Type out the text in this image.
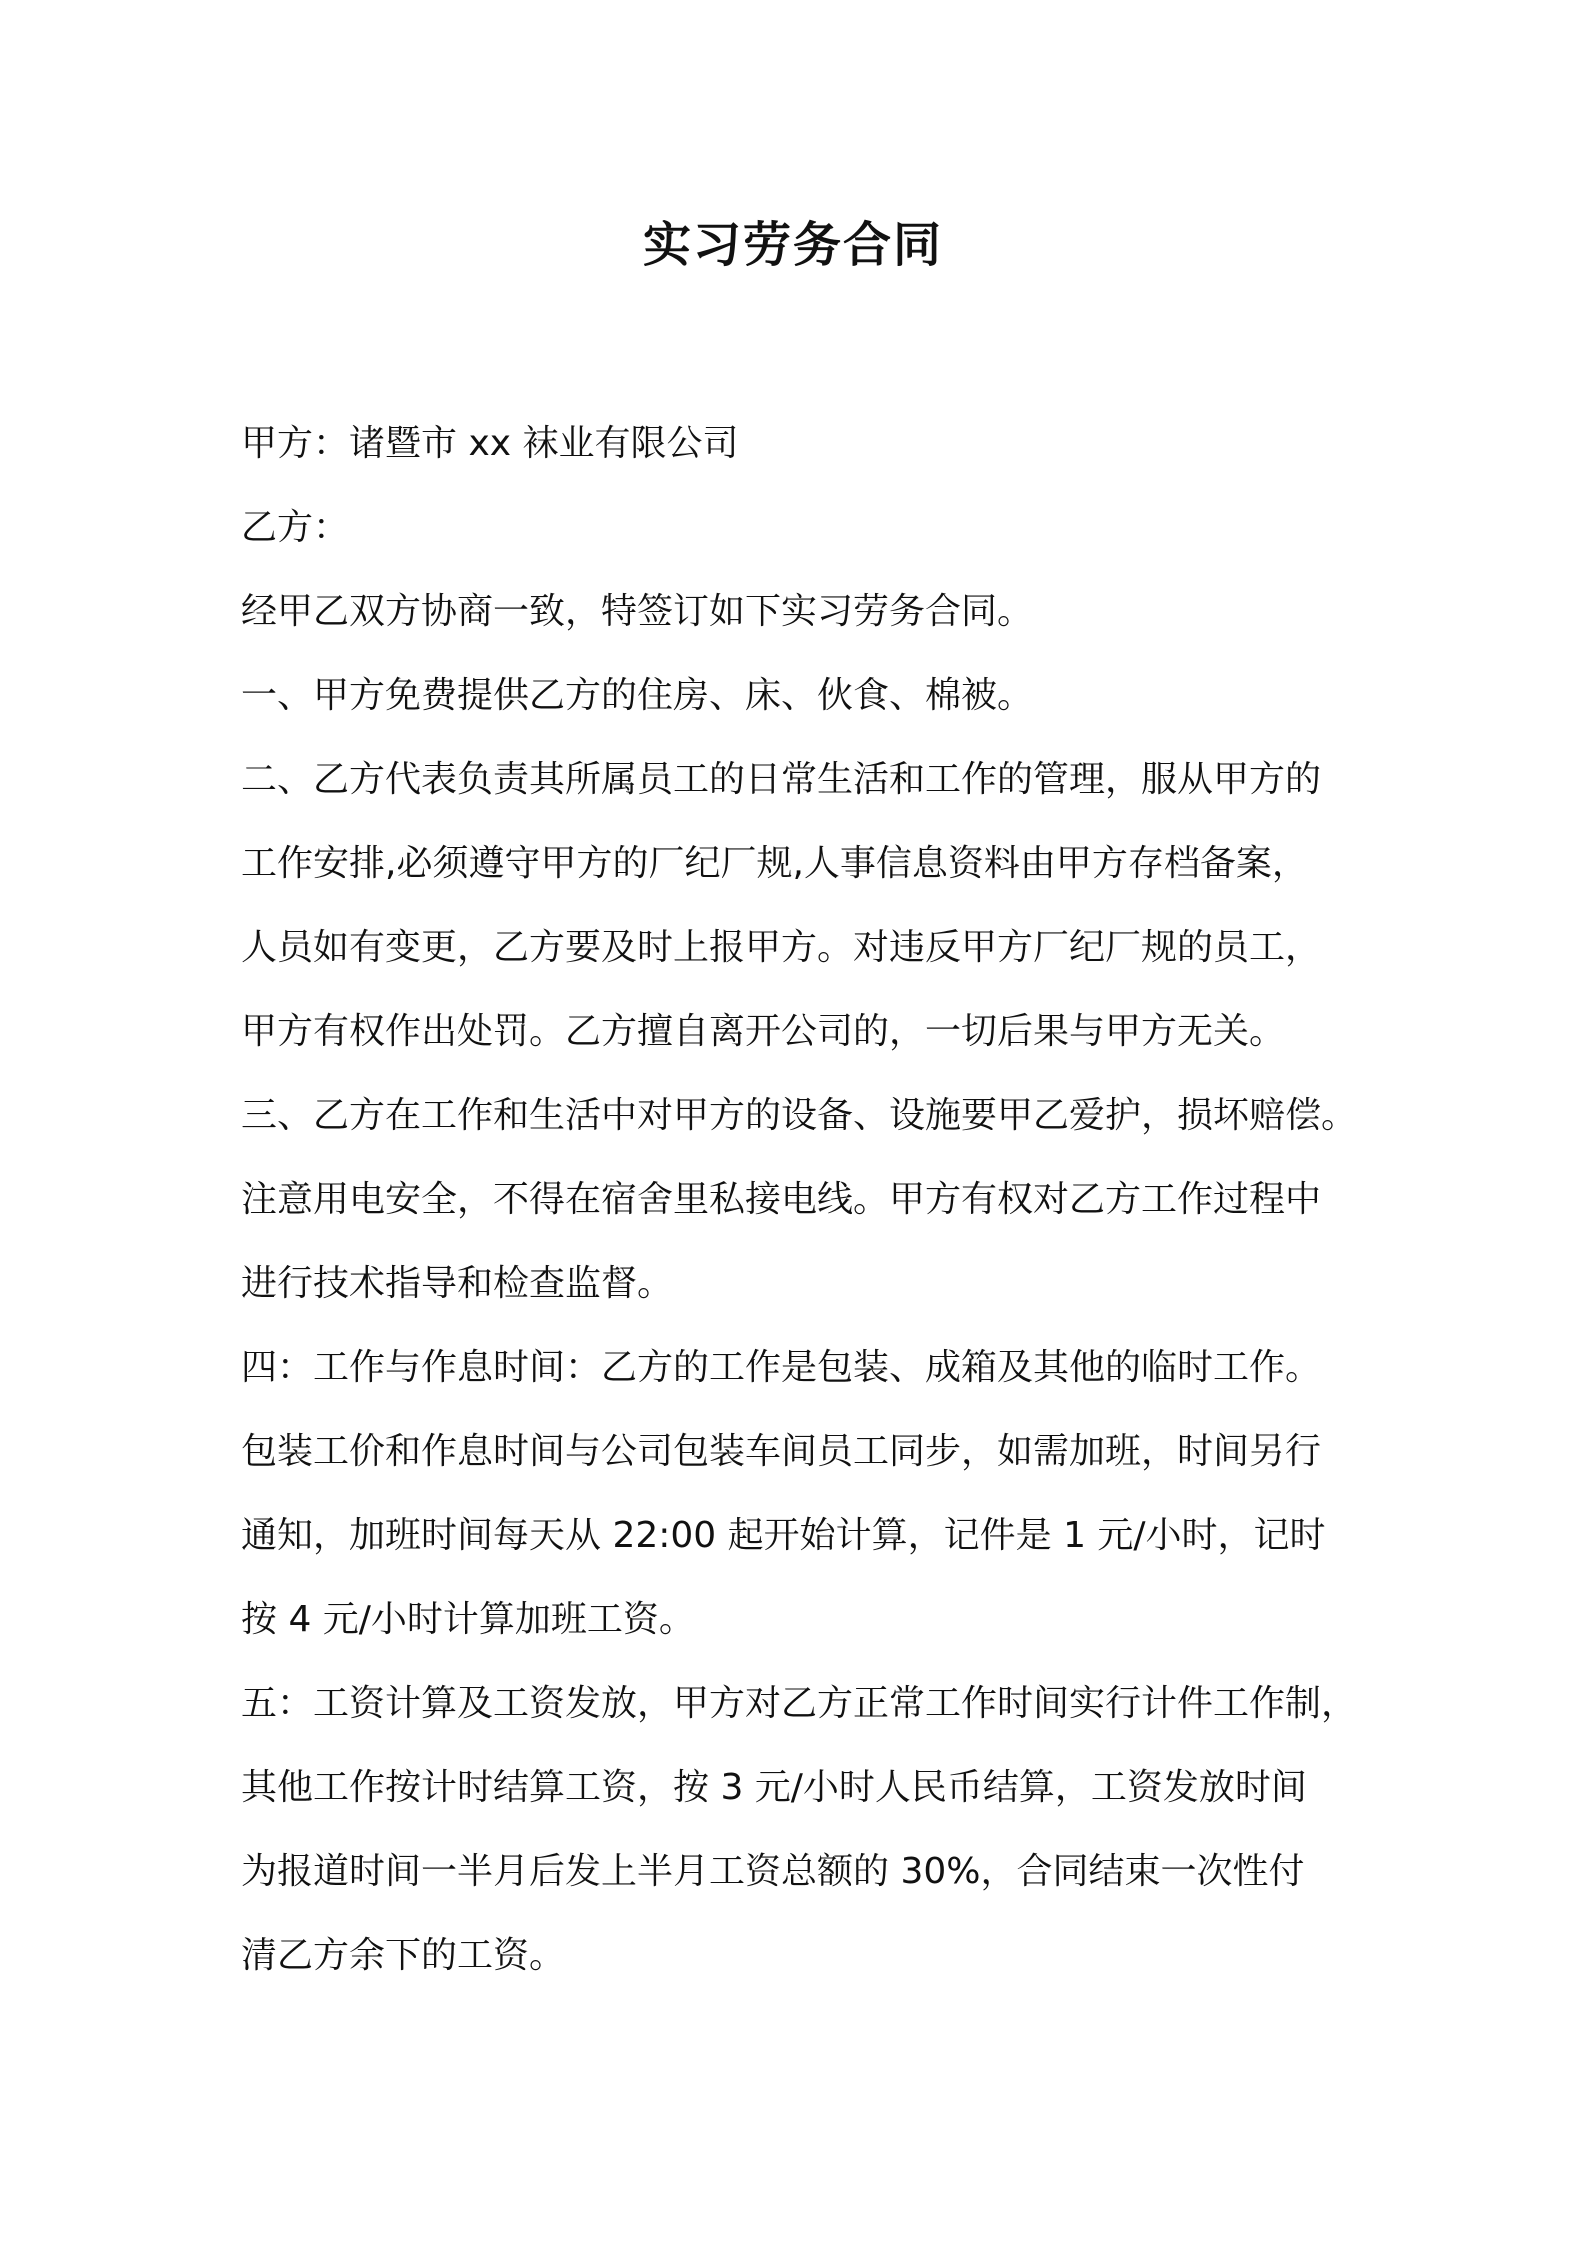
实习劳务合同
甲方：诸暨市 xx 袜业有限公司
乙方：
经甲乙双方协商一致，特签订如下实习劳务合同。
一、甲方免费提供乙方的住房、床、伙食、棉被。
二、乙方代表负责其所属员工的日常生活和工作的管理，服从甲方的
工作安排,必须遵守甲方的厂纪厂规,人事信息资料由甲方存档备案，
人员如有变更，乙方要及时上报甲方。对违反甲方厂纪厂规的员工，
甲方有权作出处罚。乙方擅自离开公司的，一切后果与甲方无关。
三、乙方在工作和生活中对甲方的设备、设施要甲乙爱护，损坏赔偿。
注意用电安全，不得在宿舍里私接电线。甲方有权对乙方工作过程中
进行技术指导和检查监督。
四：工作与作息时间：乙方的工作是包装、成箱及其他的临时工作。
包装工价和作息时间与公司包装车间员工同步，如需加班，时间另行
通知，加班时间每天从 22:00 起开始计算，记件是 1 元/小时，记时
按 4 元/小时计算加班工资。
五：工资计算及工资发放，甲方对乙方正常工作时间实行计件工作制，
其他工作按计时结算工资，按 3 元/小时人民币结算，工资发放时间
为报道时间一半月后发上半月工资总额的 30%，合同结束一次性付
清乙方余下的工资。
